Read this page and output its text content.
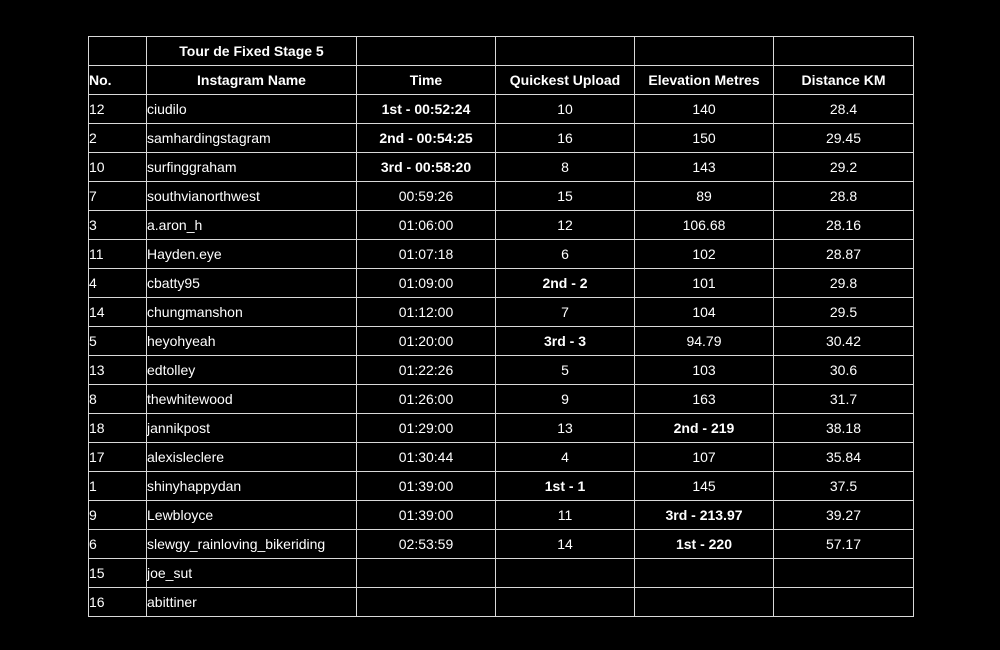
	Tour de Fixed Stage 5				
No.	Instagram Name	Time	Quickest Upload	Elevation Metres	Distance KM
12	ciudilo	1st - 00:52:24	10	140	28.4
2	samhardingstagram	2nd - 00:54:25	16	150	29.45
10	surfinggraham	3rd - 00:58:20	8	143	29.2
7	southvianorthwest	00:59:26	15	89	28.8
3	a.aron_h	01:06:00	12	106.68	28.16
11	Hayden.eye	01:07:18	6	102	28.87
4	cbatty95	01:09:00	2nd - 2	101	29.8
14	chungmanshon	01:12:00	7	104	29.5
5	heyohyeah	01:20:00	3rd - 3	94.79	30.42
13	edtolley	01:22:26	5	103	30.6
8	thewhitewood	01:26:00	9	163	31.7
18	jannikpost	01:29:00	13	2nd - 219	38.18
17	alexisleclere	01:30:44	4	107	35.84
1	shinyhappydan	01:39:00	1st - 1	145	37.5
9	Lewbloyce	01:39:00	11	3rd - 213.97	39.27
6	slewgy_rainloving_bikeriding	02:53:59	14	1st - 220	57.17
15	joe_sut				
16	abittiner				
